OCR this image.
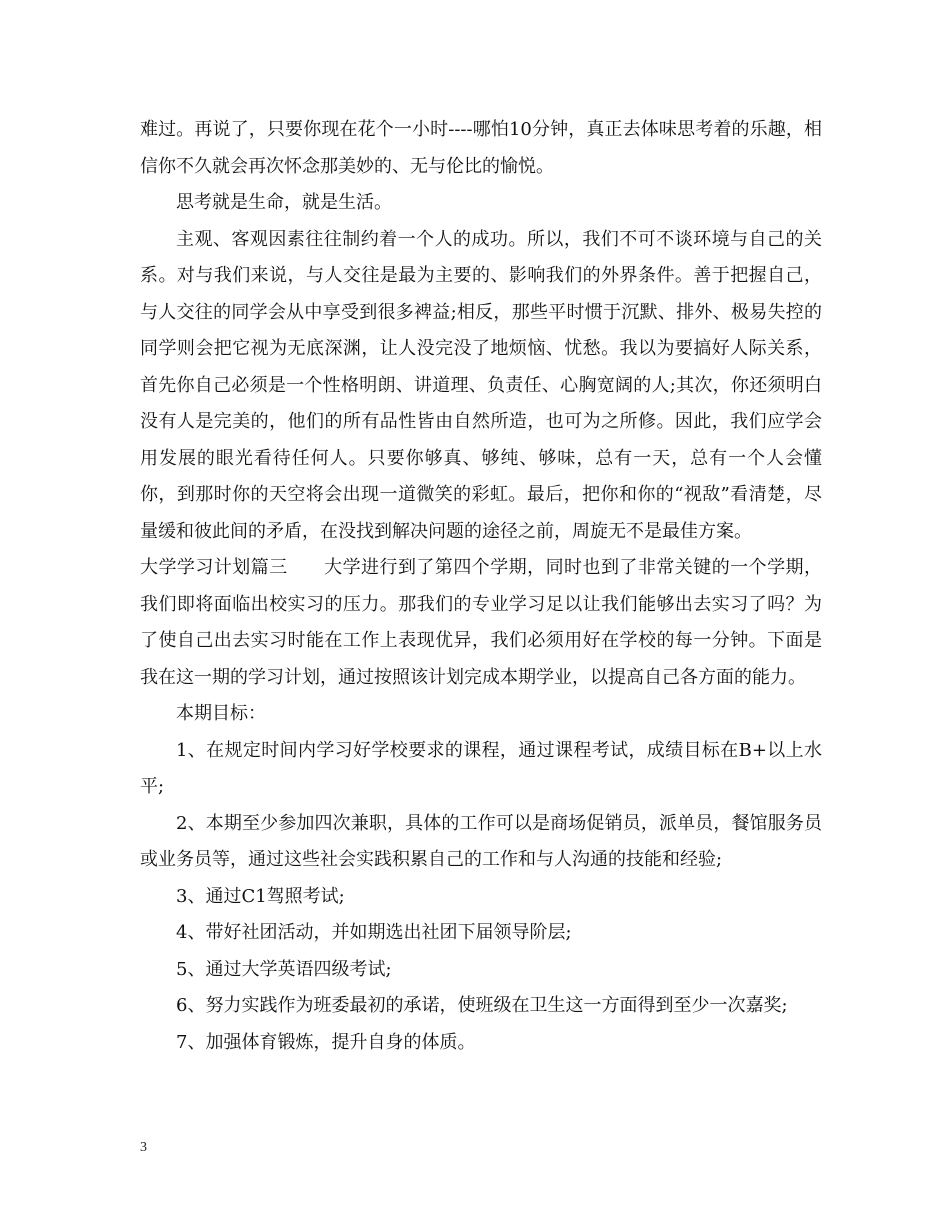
难过。再说了，只要你现在花个一小时----哪怕10分钟，真正去体味思考着的乐趣，相信你不久就会再次怀念那美妙的、无与伦比的愉悦。

思考就是生命，就是生活。

主观、客观因素往往制约着一个人的成功。所以，我们不可不谈环境与自己的关系。对与我们来说，与人交往是最为主要的、影响我们的外界条件。善于把握自己，与人交往的同学会从中享受到很多裨益;相反，那些平时惯于沉默、排外、极易失控的同学则会把它视为无底深渊，让人没完没了地烦恼、忧愁。我以为要搞好人际关系，首先你自己必须是一个性格明朗、讲道理、负责任、心胸宽阔的人;其次，你还须明白没有人是完美的，他们的所有品性皆由自然所造，也可为之所修。因此，我们应学会用发展的眼光看待任何人。只要你够真、够纯、够味，总有一天，总有一个人会懂你，到那时你的天空将会出现一道微笑的彩虹。最后，把你和你的“视敌”看清楚，尽量缓和彼此间的矛盾，在没找到解决问题的途径之前，周旋无不是最佳方案。

大学学习计划篇三 大学进行到了第四个学期，同时也到了非常关键的一个学期，我们即将面临出校实习的压力。那我们的专业学习足以让我们能够出去实习了吗？为了使自己出去实习时能在工作上表现优异，我们必须用好在学校的每一分钟。下面是我在这一期的学习计划，通过按照该计划完成本期学业，以提高自己各方面的能力。

本期目标：

1、在规定时间内学习好学校要求的课程，通过课程考试，成绩目标在B+以上水平;

2、本期至少参加四次兼职，具体的工作可以是商场促销员，派单员，餐馆服务员或业务员等，通过这些社会实践积累自己的工作和与人沟通的技能和经验;

3、通过C1驾照考试;

4、带好社团活动，并如期选出社团下届领导阶层;

5、通过大学英语四级考试;

6、努力实践作为班委最初的承诺，使班级在卫生这一方面得到至少一次嘉奖;

7、加强体育锻炼，提升自身的体质。

3
